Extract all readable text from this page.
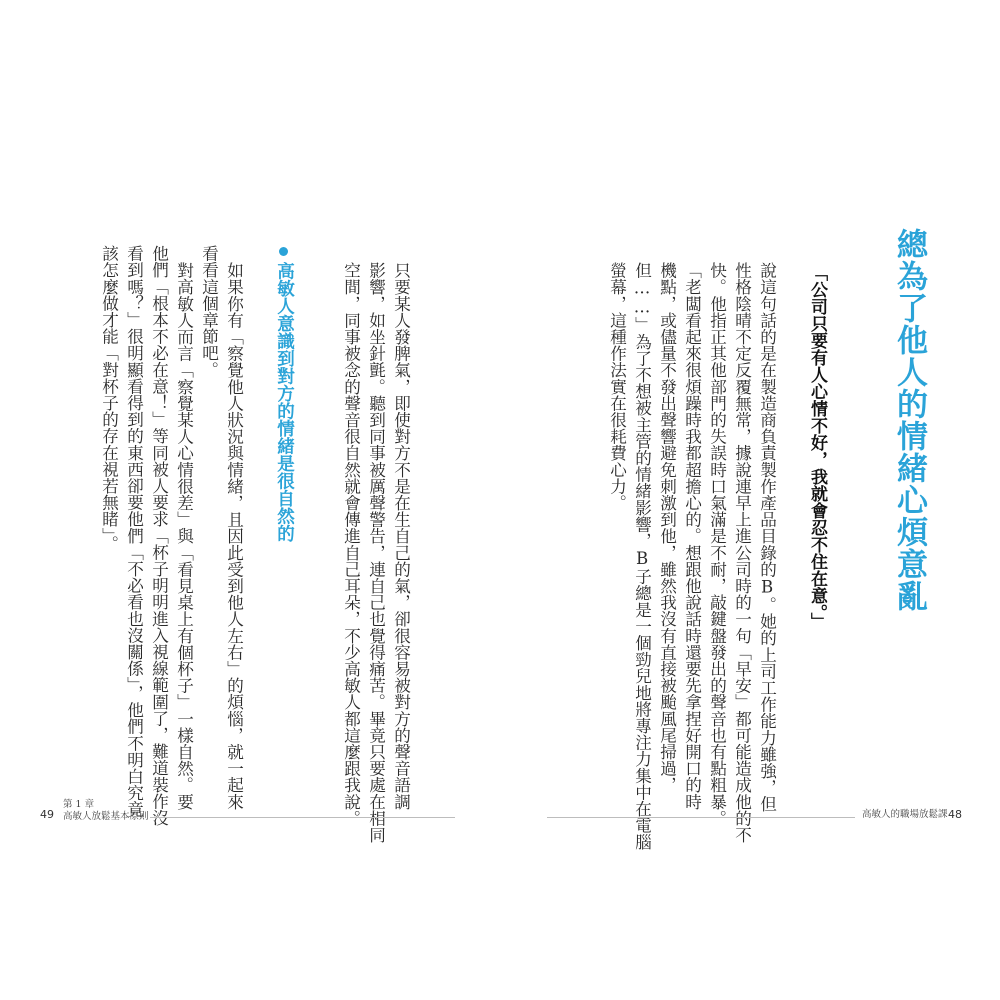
總為了他人的情緒心煩意亂
「公司只要有人心情不好，我就會忍不住在意。」
說這句話的是在製造商負責製作產品目錄的B。她的上司工作能力雖強，但
性格陰晴不定反覆無常，據說連早上進公司時的一句「早安」都可能造成他的不
快。他指正其他部門的失誤時口氣滿是不耐，敲鍵盤發出的聲音也有點粗暴。
「老闆看起來很煩躁時我都超擔心的。想跟他說話時還要先拿捏好開口的時
機點，或儘量不發出聲響避免刺激到他，雖然我沒有直接被颱風尾掃過，
但……」為了不想被主管的情緒影響，B子總是一個勁兒地將專注力集中在電腦
螢幕，這種作法實在很耗費心力。
高敏人的職場放鬆課 48
只要某人發脾氣，即使對方不是在生自己的氣，卻很容易被對方的聲音語調
影響，如坐針氈。聽到同事被厲聲警告，連自己也覺得痛苦。畢竟只要處在相同
空間，同事被念的聲音很自然就會傳進自己耳朵，不少高敏人都這麼跟我說。
高敏人意識到對方的情緒是很自然的
如果你有「察覺他人狀況與情緒，且因此受到他人左右」的煩惱，就一起來
看看這個章節吧。
對高敏人而言「察覺某人心情很差」與「看見桌上有個杯子」一樣自然。要
他們「根本不必在意！」等同被人要求「杯子明明進入視線範圍了，難道裝作沒
看到嗎？」很明顯看得到的東西卻要他們「不必看也沒關係」，他們不明白究竟
該怎麼做才能「對杯子的存在視若無睹」。
49
第 1 章
高敏人放鬆基本原則
